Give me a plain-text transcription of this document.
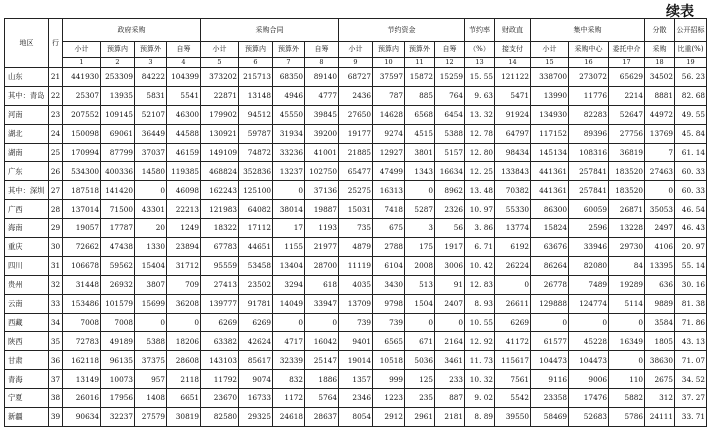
续表
地区	行	政府采购				采购合同				节约资金				节约率	财政直	集中采购			分散	公开招标
		小计	预算内	预算外	自筹	小计	预算内	预算外	自筹	小计	预算内	预算外	自筹	（%）	接支付	小计	采购中心	委托中介	采购	比重(%)
		1	2	3	4	5	6	7	8	9	10	11	12	13	14	15	16	17	18	19
山东	21	441930	253309	84222	104399	373202	215713	68350	89140	68727	37597	15872	15259	15. 55	121122	338700	273072	65629	34502	56. 23
其中：青岛	22	25307	13935	5831	5541	22871	13148	4946	4777	2436	787	885	764	9. 63	5471	13990	11776	2214	8881	82. 68
河南	23	207552	109145	52107	46300	179902	94512	45550	39845	27650	14628	6568	6454	13. 32	91924	134930	82283	52647	44972	49. 55
湖北	24	150098	69061	36449	44588	130921	59787	31934	39200	19177	9274	4515	5388	12. 78	64797	117152	89396	27756	13769	45. 84
湖南	25	170994	87799	37037	46159	149109	74872	33236	41001	21885	12927	3801	5157	12. 80	98434	145134	108316	36819	7	61. 14
广东	26	534300	400336	14580	119385	468824	352836	13237	102750	65477	47499	1343	16634	12. 25	133843	441361	257841	183520	27463	60. 33
其中：深圳	27	187518	141420	0	46098	162243	125100	0	37136	25275	16313	0	8962	13. 48	70382	441361	257841	183520	0	60. 33
广西	28	137014	71500	43301	22213	121983	64082	38014	19887	15031	7418	5287	2326	10. 97	55330	86300	60059	26871	35053	46. 54
海南	29	19057	17787	20	1249	18322	17112	17	1193	735	675	3	56	3. 86	13774	15824	2596	13228	2497	46. 43
重庆	30	72662	47438	1330	23894	67783	44651	1155	21977	4879	2788	175	1917	6. 71	6192	63676	33946	29730	4106	20. 97
四川	31	106678	59562	15404	31712	95559	53458	13404	28700	11119	6104	2008	3006	10. 42	26224	86264	82080	84	13395	55. 14
贵州	32	31448	26932	3807	709	27413	23502	3294	618	4035	3430	513	91	12. 83	0	26778	7489	19289	636	30. 16
云南	33	153486	101579	15699	36208	139777	91781	14049	33947	13709	9798	1504	2407	8. 93	26611	129888	124774	5114	9889	81. 38
西藏	34	7008	7008	0	0	6269	6269	0	0	739	739	0	0	10. 55	6269	0	0	0	3584	71. 86
陕西	35	72783	49189	5388	18206	63382	42624	4717	16042	9401	6565	671	2164	12. 92	41172	61577	45228	16349	1805	43. 13
甘肃	36	162118	96135	37375	28608	143103	85617	32339	25147	19014	10518	5036	3461	11. 73	115617	104473	104473	0	38630	71. 07
青海	37	13149	10073	957	2118	11792	9074	832	1886	1357	999	125	233	10. 32	7561	9116	9006	110	2675	34. 52
宁夏	38	26016	17956	1408	6651	23670	16733	1172	5764	2346	1223	235	887	9. 02	5542	23358	17476	5882	312	37. 27
新疆	39	90634	32237	27579	30819	82580	29325	24618	28637	8054	2912	2961	2181	8. 89	39550	58469	52683	5786	24111	33. 71
